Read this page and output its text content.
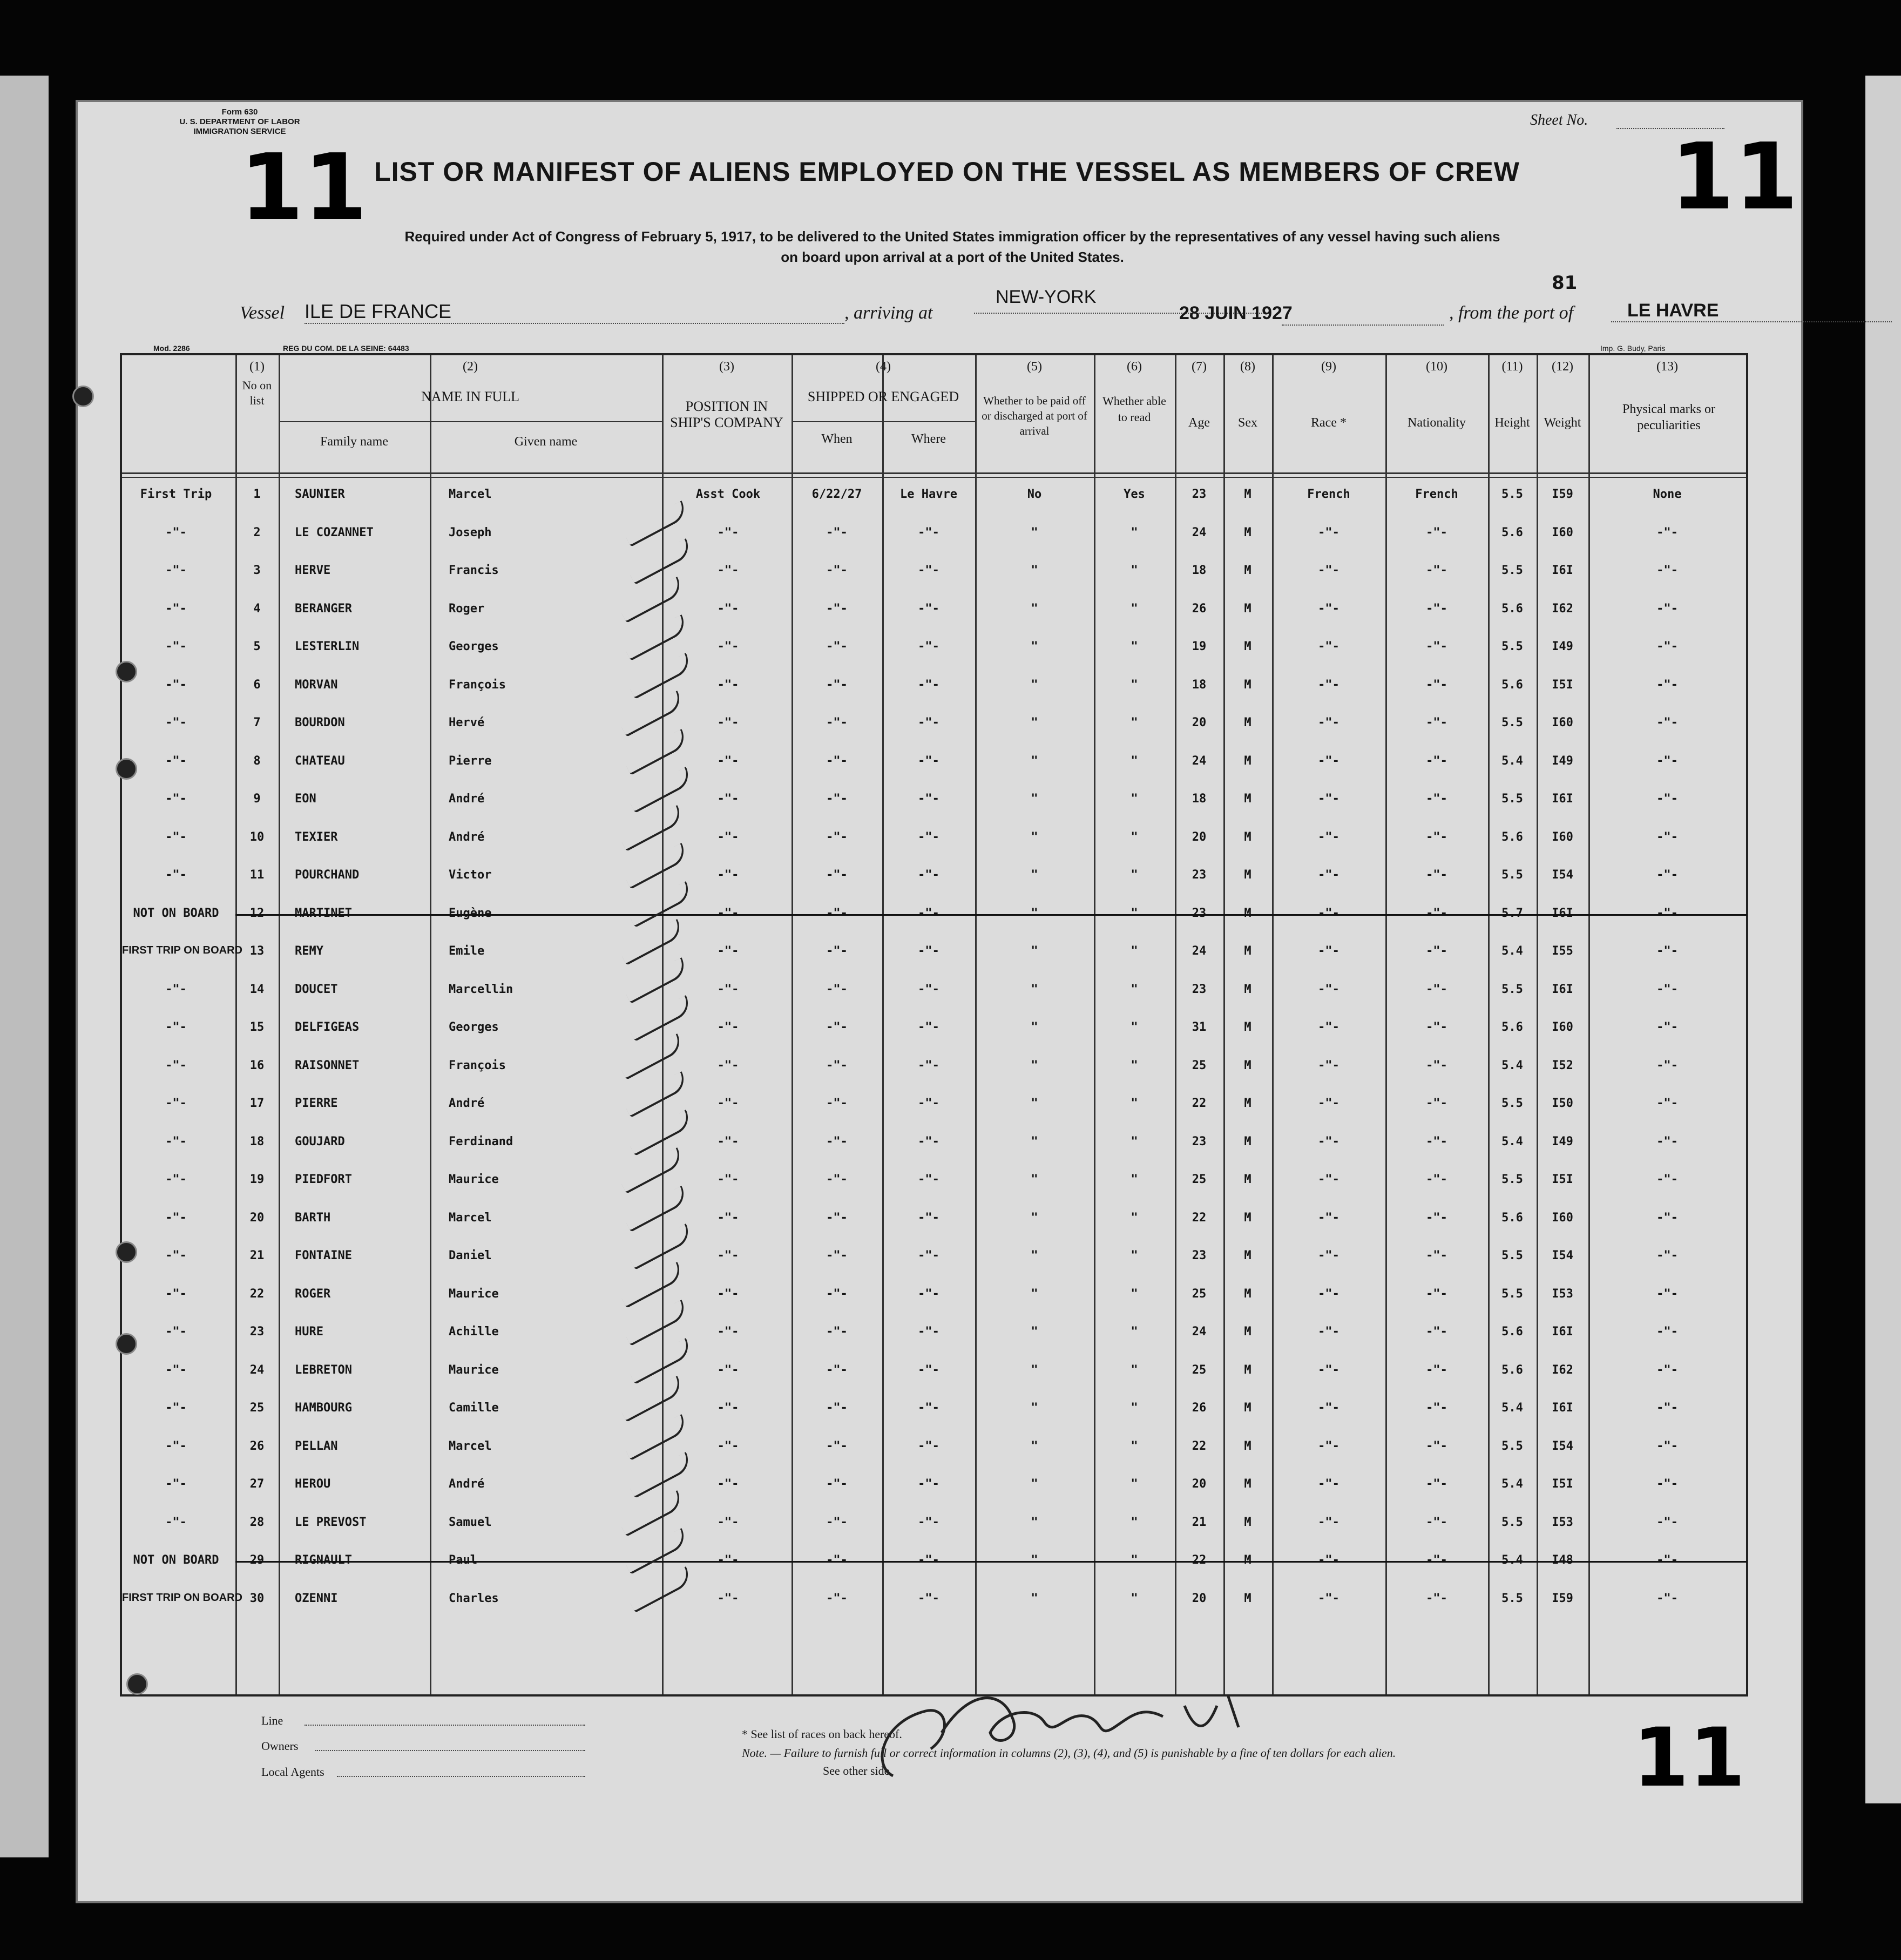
Form 630
U. S. DEPARTMENT OF LABOR
IMMIGRATION SERVICE
Sheet No.
11	11
LIST OR MANIFEST OF ALIENS EMPLOYED ON THE VESSEL AS MEMBERS OF CREW
Required under Act of Congress of February 5, 1917, to be delivered to the United States immigration officer by the representatives of any vessel having such aliens
on board upon arrival at a port of the United States.
81
Vessel ILE DE FRANCE	, arriving at
NEW-YORK
28 JUIN 1927	, from the port of	LE HAVRE
Mod. 2286	REG DU COM. DE LA SEINE: 64483	Imp. G. Budy, Paris
(1)
No on list
(2)
NAME IN FULL
Family name	Given name
(3)
POSITION IN SHIP'S COMPANY
(4)
SHIPPED OR ENGAGED
When	Where
(5)
Whether to be paid off or discharged at port of arrival
(6)
Whether able to read
(7)
Age
(8)
Sex
(9)
Race *
(10)
Nationality
(11)
Height
(12)
Weight
(13)
Physical marks or peculiarities
First Trip	1	SAUNIER	Marcel	Asst Cook	6/22/27	Le Havre	No	Yes	23	M	French	French	5.5	I59	None
-"-	2	LE COZANNET	Joseph	-"-	-"-	-"-	"	"	24	M	-"-	-"-	5.6	I60	-"-
-"-	3	HERVE	Francis	-"-	-"-	-"-	"	"	18	M	-"-	-"-	5.5	I6I	-"-
-"-	4	BERANGER	Roger	-"-	-"-	-"-	"	"	26	M	-"-	-"-	5.6	I62	-"-
-"-	5	LESTERLIN	Georges	-"-	-"-	-"-	"	"	19	M	-"-	-"-	5.5	I49	-"-
-"-	6	MORVAN	François	-"-	-"-	-"-	"	"	18	M	-"-	-"-	5.6	I5I	-"-
-"-	7	BOURDON	Hervé	-"-	-"-	-"-	"	"	20	M	-"-	-"-	5.5	I60	-"-
-"-	8	CHATEAU	Pierre	-"-	-"-	-"-	"	"	24	M	-"-	-"-	5.4	I49	-"-
-"-	9	EON	André	-"-	-"-	-"-	"	"	18	M	-"-	-"-	5.5	I6I	-"-
-"-	10	TEXIER	André	-"-	-"-	-"-	"	"	20	M	-"-	-"-	5.6	I60	-"-
-"-	11	POURCHAND	Victor	-"-	-"-	-"-	"	"	23	M	-"-	-"-	5.5	I54	-"-
NOT ON BOARD	12	MARTINET	Eugène	-"-	-"-	-"-	"	"	23	M	-"-	-"-	5.7	I6I	-"-
FIRST TRIP ON BOARD 13	REMY	Emile	-"-	-"-	-"-	"	"	24	M	-"-	-"-	5.4	I55	-"-
-"-	14	DOUCET	Marcellin	-"-	-"-	-"-	"	"	23	M	-"-	-"-	5.5	I6I	-"-
-"-	15	DELFIGEAS	Georges	-"-	-"-	-"-	"	"	31	M	-"-	-"-	5.6	I60	-"-
-"-	16	RAISONNET	François	-"-	-"-	-"-	"	"	25	M	-"-	-"-	5.4	I52	-"-
-"-	17	PIERRE	André	-"-	-"-	-"-	"	"	22	M	-"-	-"-	5.5	I50	-"-
-"-	18	GOUJARD	Ferdinand	-"-	-"-	-"-	"	"	23	M	-"-	-"-	5.4	I49	-"-
-"-	19	PIEDFORT	Maurice	-"-	-"-	-"-	"	"	25	M	-"-	-"-	5.5	I5I	-"-
-"-	20	BARTH	Marcel	-"-	-"-	-"-	"	"	22	M	-"-	-"-	5.6	I60	-"-
-"-	21	FONTAINE	Daniel	-"-	-"-	-"-	"	"	23	M	-"-	-"-	5.5	I54	-"-
-"-	22	ROGER	Maurice	-"-	-"-	-"-	"	"	25	M	-"-	-"-	5.5	I53	-"-
-"-	23	HURE	Achille	-"-	-"-	-"-	"	"	24	M	-"-	-"-	5.6	I6I	-"-
-"-	24	LEBRETON	Maurice	-"-	-"-	-"-	"	"	25	M	-"-	-"-	5.6	I62	-"-
-"-	25	HAMBOURG	Camille	-"-	-"-	-"-	"	"	26	M	-"-	-"-	5.4	I6I	-"-
-"-	26	PELLAN	Marcel	-"-	-"-	-"-	"	"	22	M	-"-	-"-	5.5	I54	-"-
-"-	27	HEROU	André	-"-	-"-	-"-	"	"	20	M	-"-	-"-	5.4	I5I	-"-
-"-	28	LE PREVOST	Samuel	-"-	-"-	-"-	"	"	21	M	-"-	-"-	5.5	I53	-"-
NOT ON BOARD	29	RIGNAULT	Paul	-"-	-"-	-"-	"	"	22	M	-"-	-"-	5.4	I48	-"-
FIRST TRIP ON BOARD 30	OZENNI	Charles	-"-	-"-	-"-	"	"	20	M	-"-	-"-	5.5	I59	-"-
Line
Owners
Local Agents
* See list of races on back hereof.
Note. — Failure to furnish full or correct information in columns (2), (3), (4), and (5) is punishable by a fine of ten dollars for each alien.
See other side.	11
